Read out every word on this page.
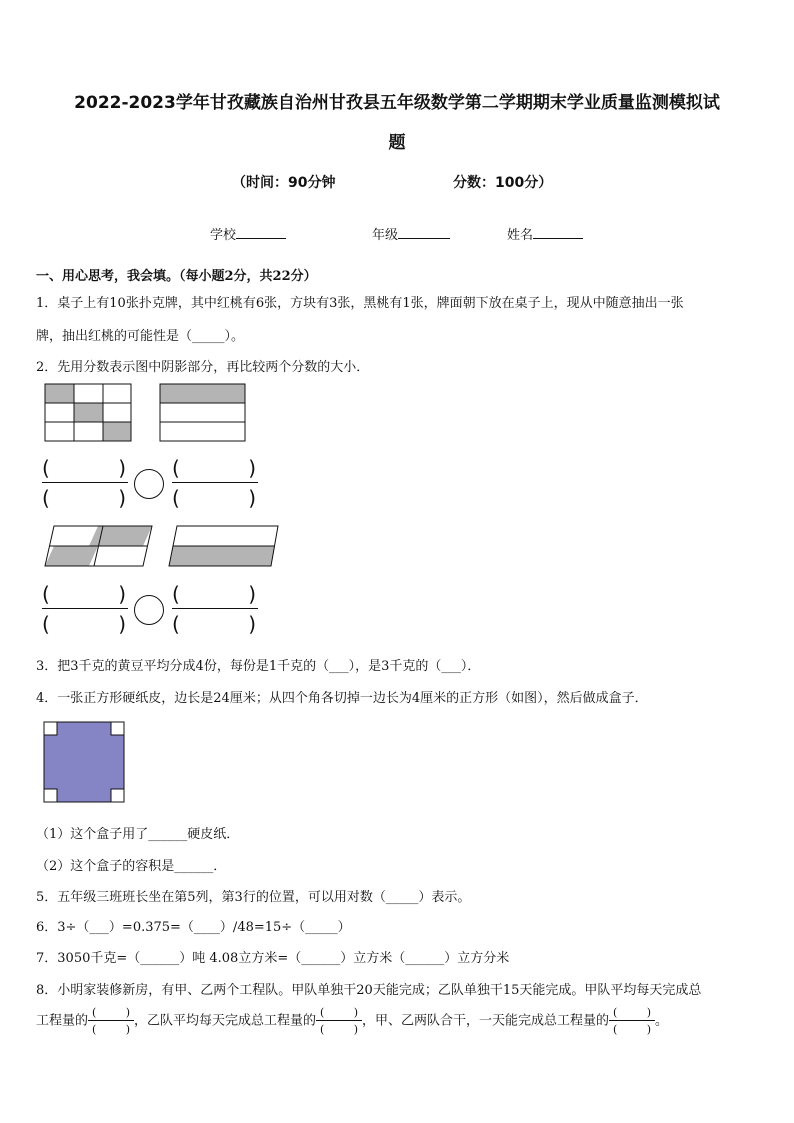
2022-2023学年甘孜藏族自治州甘孜县五年级数学第二学期期末学业质量监测模拟试
题
（时间：90分钟	分数：100分）
学校	年级	姓名
一、用心思考，我会填。（每小题2分，共22分）
1．桌子上有10张扑克牌，其中红桃有6张，方块有3张，黑桃有1张，牌面朝下放在桌子上，现从中随意抽出一张
牌，抽出红桃的可能性是（_____）。
2．先用分数表示图中阴影部分，再比较两个分数的大小．
(	)
(	)
(	)
(	)
(	)
(	)
(	)
(	)
3．把3千克的黄豆平均分成4份，每份是1千克的（___），是3千克的（___）．
4．一张正方形硬纸皮，边长是24厘米；从四个角各切掉一边长为4厘米的正方形（如图），然后做成盒子．
（1）这个盒子用了______硬皮纸．
（2）这个盒子的容积是______．
5．五年级三班班长坐在第5列，第3行的位置，可以用对数（_____）表示。
6．3÷（___）=0.375=（____）/48=15÷（_____）
7．3050千克=（______）吨 4.08立方米=（______）立方米（______）立方分米
8．小明家装修新房，有甲、乙两个工程队。甲队单独干20天能完成；乙队单独干15天能完成。甲队平均每天完成总
工程量的
(	)
(	)
，乙队平均每天完成总工程量的
(	)
(	)
，甲、乙两队合干，一天能完成总工程量的
(	)
(	)
。
